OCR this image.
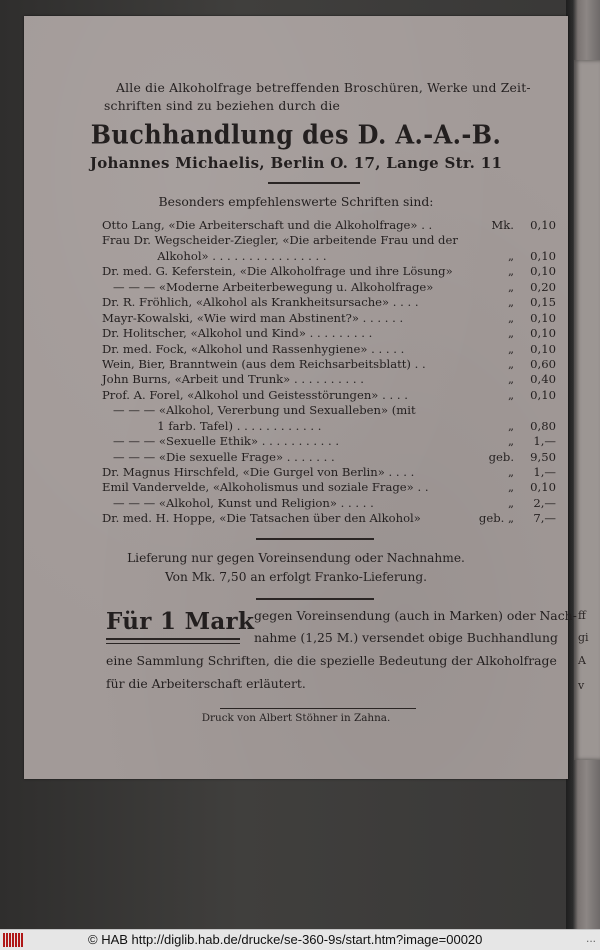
ff
gi
A
v
Alle die Alkoholfrage betreffenden Broschüren, Werke und Zeit-
schriften sind zu beziehen durch die
Buchhandlung des D. A.-A.-B.
Johannes Michaelis, Berlin O. 17, Lange Str. 11
Besonders empfehlenswerte Schriften sind:
Otto Lang, «Die Arbeiterschaft und die Alkoholfrage» . .	Mk.	0,10
Frau Dr. Wegscheider-Ziegler, «Die arbeitende Frau und der
Alkohol» . . . . . . . . . . . . . . . .	„	0,10
Dr. med. G. Keferstein, «Die Alkoholfrage und ihre Lösung»	„	0,10
— — — «Moderne Arbeiterbewegung u. Alkoholfrage»	„	0,20
Dr. R. Fröhlich, «Alkohol als Krankheitsursache» . . . .	„	0,15
Mayr-Kowalski, «Wie wird man Abstinent?» . . . . . .	„	0,10
Dr. Holitscher, «Alkohol und Kind» . . . . . . . . .	„	0,10
Dr. med. Fock, «Alkohol und Rassenhygiene» . . . . .	„	0,10
Wein, Bier, Branntwein (aus dem Reichsarbeitsblatt) . .	„	0,60
John Burns, «Arbeit und Trunk» . . . . . . . . . .	„	0,40
Prof. A. Forel, «Alkohol und Geistesstörungen» . . . .	„	0,10
— — — «Alkohol, Vererbung und Sexualleben» (mit
1 farb. Tafel) . . . . . . . . . . . .	„	0,80
— — — «Sexuelle Ethik» . . . . . . . . . . .	„	1,—
— — — «Die sexuelle Frage» . . . . . . .	geb.	9,50
Dr. Magnus Hirschfeld, «Die Gurgel von Berlin» . . . .	„	1,—
Emil Vandervelde, «Alkoholismus und soziale Frage» . .	„	0,10
— — — «Alkohol, Kunst und Religion» . . . . .	„	2,—
Dr. med. H. Hoppe, «Die Tatsachen über den Alkohol»	geb. „	7,—
Lieferung nur gegen Voreinsendung oder Nachnahme.
Von Mk. 7,50 an erfolgt Franko-Lieferung.
Für 1 Mark gegen Voreinsendung (auch in Marken) oder Nach-
nahme (1,25 M.) versendet obige Buchhandlung
eine Sammlung Schriften, die die spezielle Bedeutung der Alkoholfrage
für die Arbeiterschaft erläutert.
Druck von Albert Stöhner in Zahna.
© HAB http://diglib.hab.de/drucke/se-360-9s/start.htm?image=00020	...
